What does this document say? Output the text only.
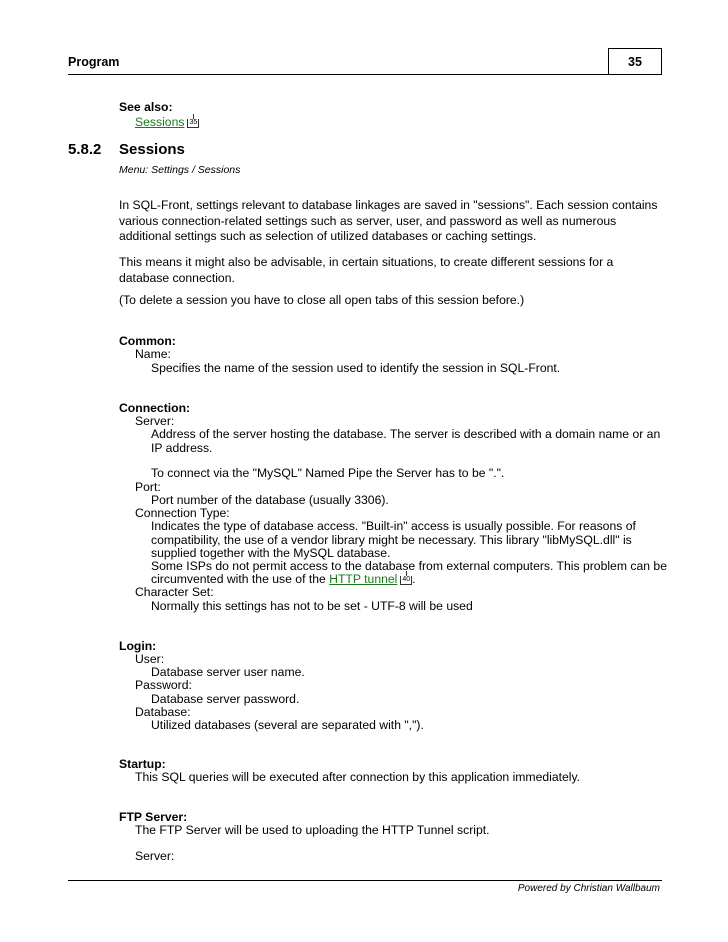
Program	35
See also:
Sessions 35
5.8.2 Sessions
Menu: Settings / Sessions
In SQL-Front, settings relevant to database linkages are saved in "sessions". Each session contains various connection-related settings such as server, user, and password as well as numerous additional settings such as selection of utilized databases or caching settings.
This means it might also be advisable, in certain situations, to create different sessions for a database connection.
(To delete a session you have to close all open tabs of this session before.)
Common:
Name:
Specifies the name of the session used to identify the session in SQL-Front.
Connection:
Server:
Address of the server hosting the database. The server is described with a domain name or an
IP address.
To connect via the "MySQL" Named Pipe the Server has to be ".".
Port:
Port number of the database (usually 3306).
Connection Type:
Indicates the type of database access. "Built-in" access is usually possible. For reasons of
compatibility, the use of a vendor library might be necessary. This library "libMySQL.dll" is
supplied together with the MySQL database.
Some ISPs do not permit access to the database from external computers. This problem can be
circumvented with the use of the HTTP tunnel 40 .
Character Set:
Normally this settings has not to be set - UTF-8 will be used
Login:
User:
Database server user name.
Password:
Database server password.
Database:
Utilized databases (several are separated with ",").
Startup:
This SQL queries will be executed after connection by this application immediately.
FTP Server:
The FTP Server will be used to uploading the HTTP Tunnel script.
Server:
Powered by Christian Wallbaum
